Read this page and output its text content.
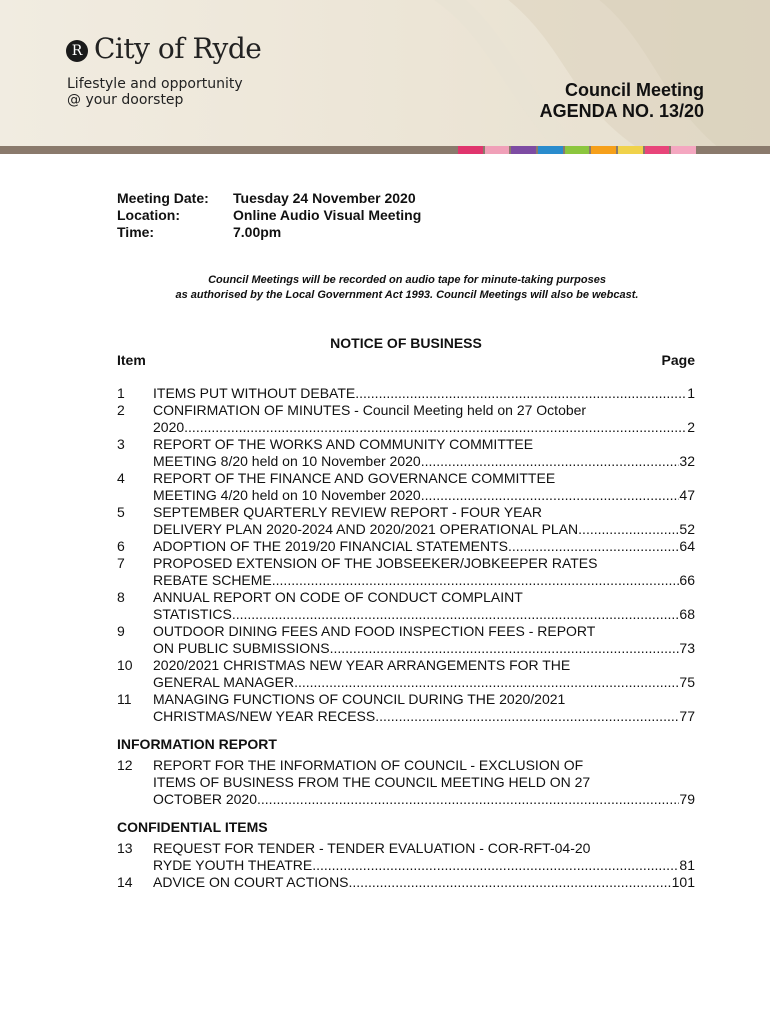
R City of Ryde
Lifestyle and opportunity
@ your doorstep	Council Meeting
AGENDA NO. 13/20
Meeting Date:	Tuesday 24 November 2020
Location:	Online Audio Visual Meeting
Time:	7.00pm
Council Meetings will be recorded on audio tape for minute-taking purposes
as authorised by the Local Government Act 1993. Council Meetings will also be webcast.
NOTICE OF BUSINESS
Item	Page
1	ITEMS PUT WITHOUT DEBATE .....	1
2	CONFIRMATION OF MINUTES - Council Meeting held on 27 October
2020 .....	2
3	REPORT OF THE WORKS AND COMMUNITY COMMITTEE
MEETING 8/20 held on 10 November 2020 .....	32
4	REPORT OF THE FINANCE AND GOVERNANCE COMMITTEE
MEETING 4/20 held on 10 November 2020 .....	47
5	SEPTEMBER QUARTERLY REVIEW REPORT - FOUR YEAR
DELIVERY PLAN 2020-2024 AND 2020/2021 OPERATIONAL PLAN .....	52
6	ADOPTION OF THE 2019/20 FINANCIAL STATEMENTS .....	64
7	PROPOSED EXTENSION OF THE JOBSEEKER/JOBKEEPER RATES
REBATE SCHEME .....	66
8	ANNUAL REPORT ON CODE OF CONDUCT COMPLAINT
STATISTICS .....	68
9	OUTDOOR DINING FEES AND FOOD INSPECTION FEES - REPORT
ON PUBLIC SUBMISSIONS .....	73
10	2020/2021 CHRISTMAS NEW YEAR ARRANGEMENTS FOR THE
GENERAL MANAGER .....	75
11	MANAGING FUNCTIONS OF COUNCIL DURING THE 2020/2021
CHRISTMAS/NEW YEAR RECESS .....	77
INFORMATION REPORT
12	REPORT FOR THE INFORMATION OF COUNCIL - EXCLUSION OF
ITEMS OF BUSINESS FROM THE COUNCIL MEETING HELD ON 27
OCTOBER 2020 .....	79
CONFIDENTIAL ITEMS
13	REQUEST FOR TENDER - TENDER EVALUATION - COR-RFT-04-20
RYDE YOUTH THEATRE .....	81
14	ADVICE ON COURT ACTIONS .....	101
